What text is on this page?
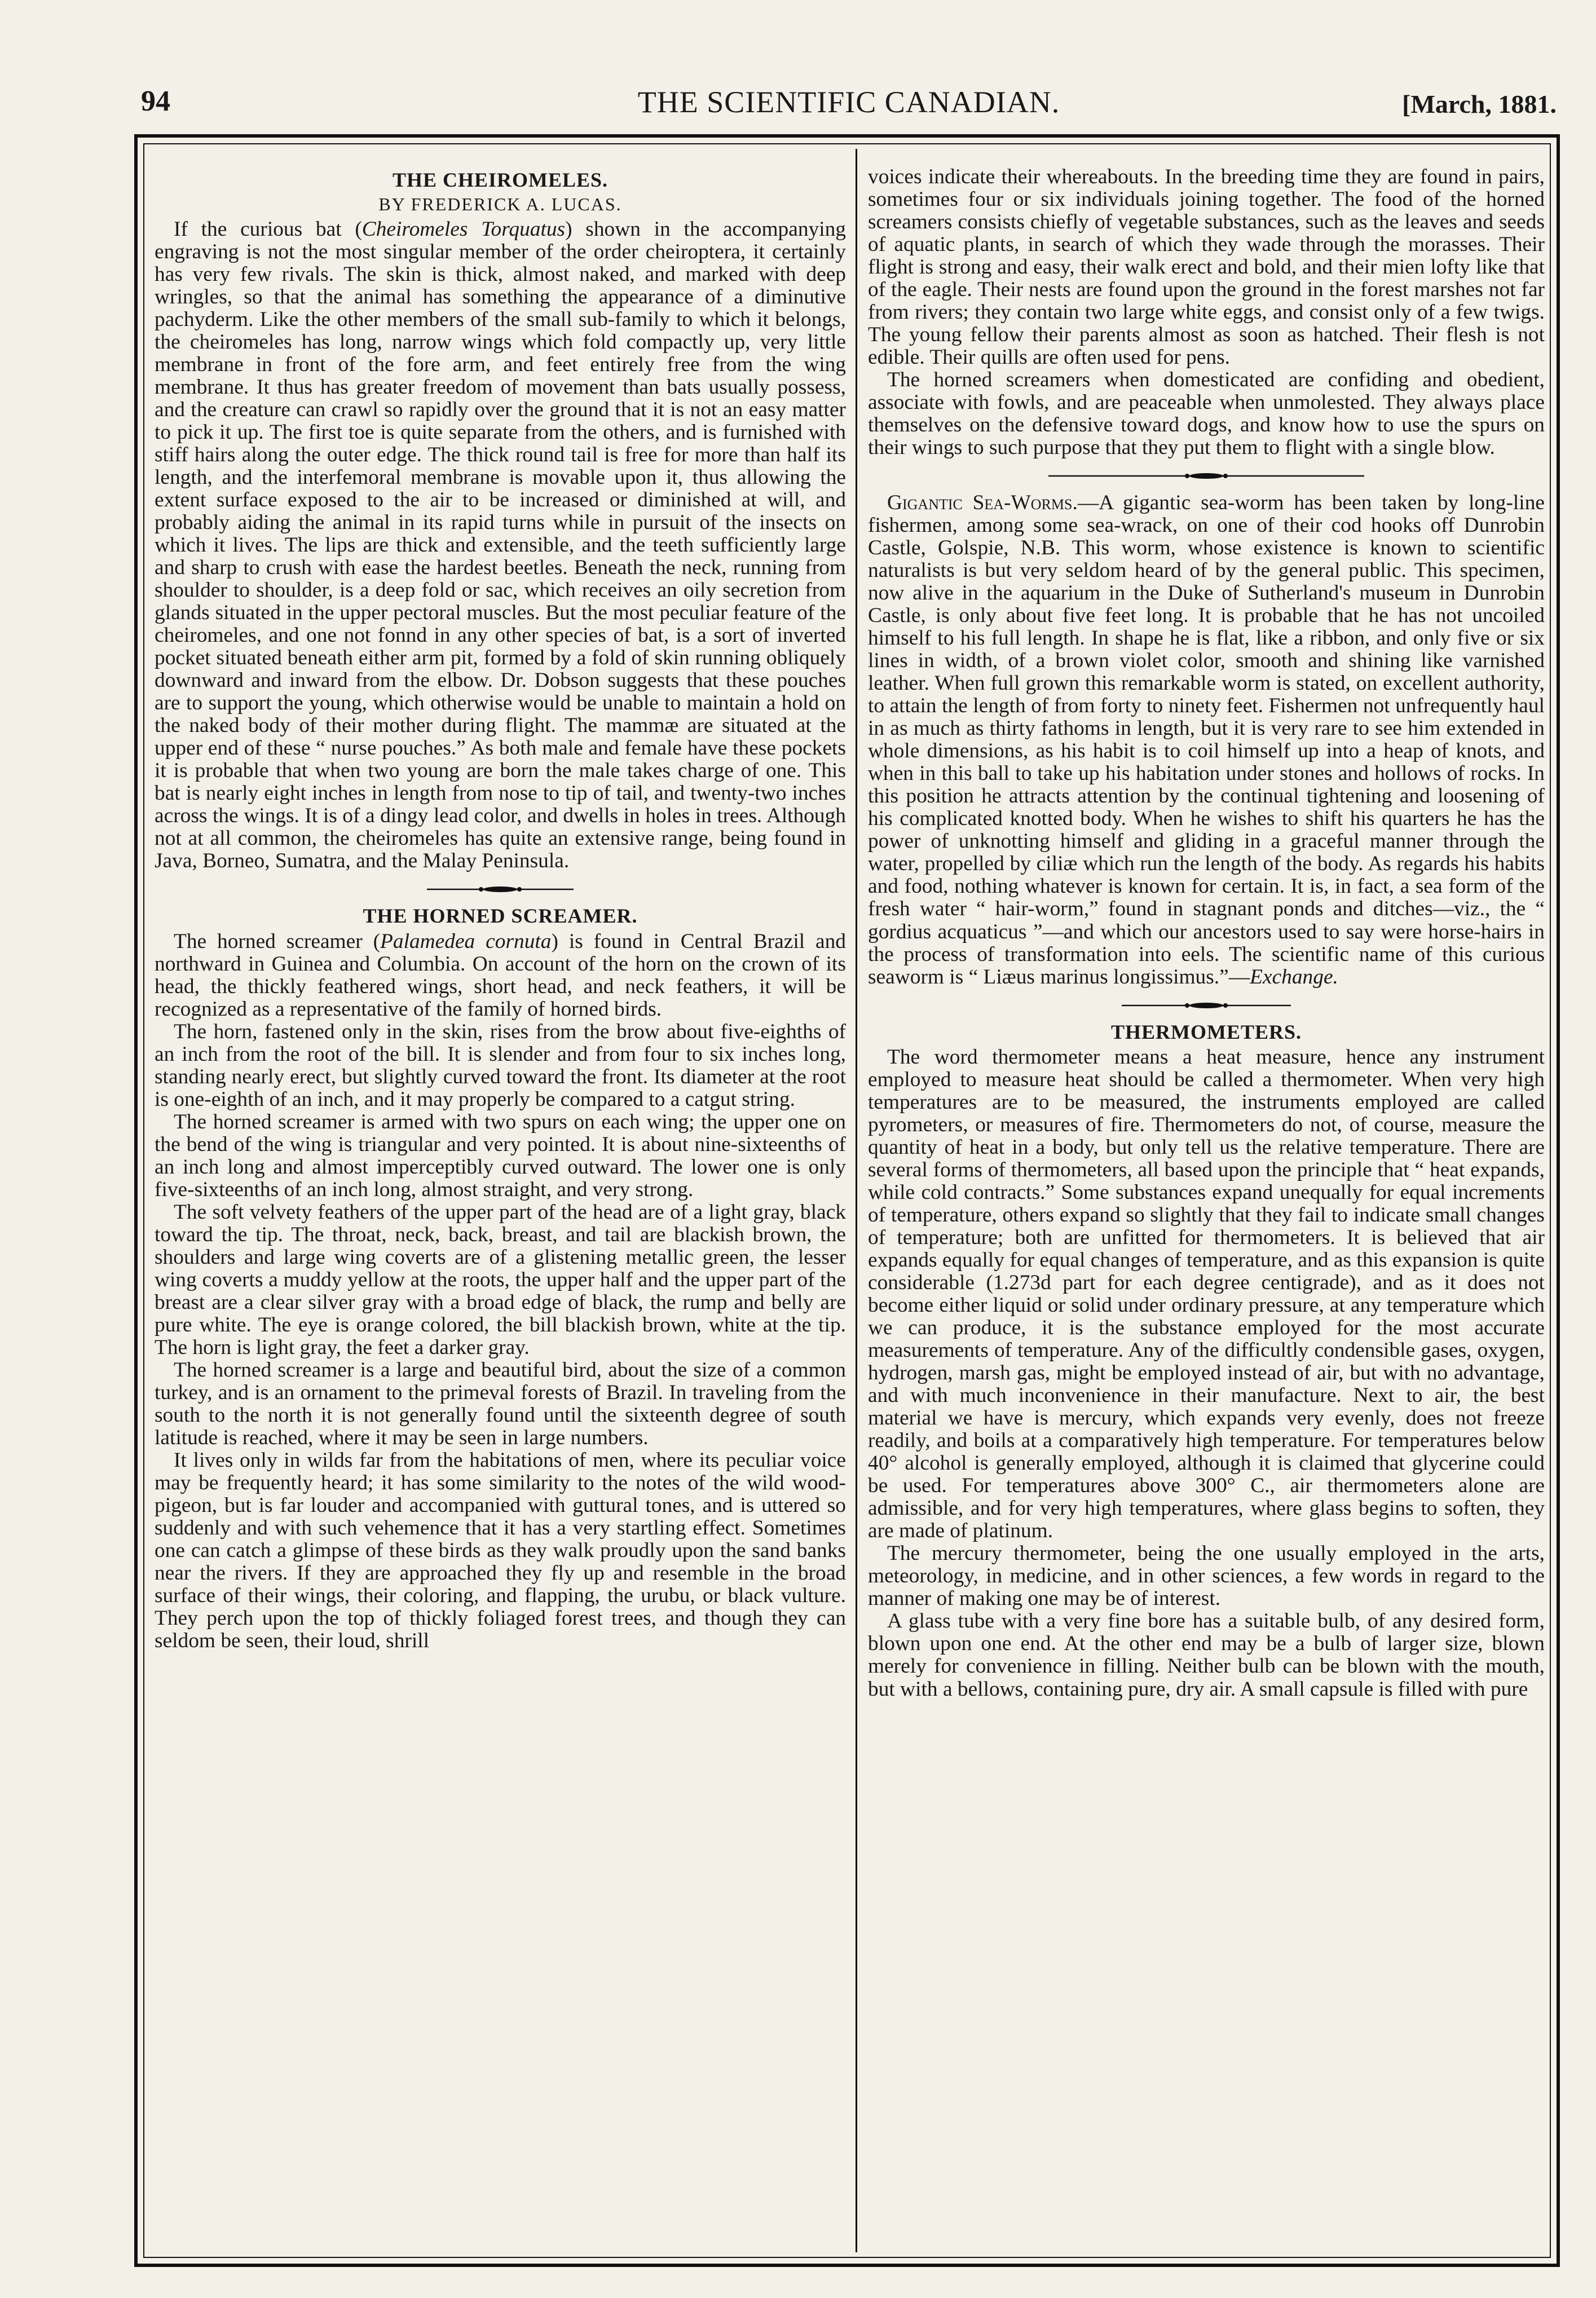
94	THE SCIENTIFIC CANADIAN.	[March, 1881.
THE CHEIROMELES.
BY FREDERICK A. LUCAS.

If the curious bat (Cheiromeles Torquatus) shown in the accompanying engraving is not the most singular member of the order cheiroptera, it certainly has very few rivals. The skin is thick, almost naked, and marked with deep wringles, so that the animal has something the appearance of a diminutive pachyderm. Like the other members of the small sub-family to which it belongs, the cheiromeles has long, narrow wings which fold compactly up, very little membrane in front of the fore arm, and feet entirely free from the wing membrane. It thus has greater freedom of movement than bats usually possess, and the creature can crawl so rapidly over the ground that it is not an easy matter to pick it up. The first toe is quite separate from the others, and is furnished with stiff hairs along the outer edge. The thick round tail is free for more than half its length, and the interfemoral membrane is movable upon it, thus allowing the extent surface exposed to the air to be increased or diminished at will, and probably aiding the animal in its rapid turns while in pursuit of the insects on which it lives. The lips are thick and extensible, and the teeth sufficiently large and sharp to crush with ease the hardest beetles. Beneath the neck, running from shoulder to shoulder, is a deep fold or sac, which receives an oily secretion from glands situated in the upper pectoral muscles. But the most peculiar feature of the cheiromeles, and one not fonnd in any other species of bat, is a sort of inverted pocket situated beneath either arm pit, formed by a fold of skin running obliquely downward and inward from the elbow. Dr. Dobson suggests that these pouches are to support the young, which otherwise would be unable to maintain a hold on the naked body of their mother during flight. The mammæ are situated at the upper end of these “ nurse pouches.” As both male and female have these pockets it is probable that when two young are born the male takes charge of one. This bat is nearly eight inches in length from nose to tip of tail, and twenty-two inches across the wings. It is of a dingy lead color, and dwells in holes in trees. Although not at all common, the cheiromeles has quite an extensive range, being found in Java, Borneo, Sumatra, and the Malay Peninsula.

THE HORNED SCREAMER.

The horned screamer (Palamedea cornuta) is found in Central Brazil and northward in Guinea and Columbia. On account of the horn on the crown of its head, the thickly feathered wings, short head, and neck feathers, it will be recognized as a representative of the family of horned birds.

The horn, fastened only in the skin, rises from the brow about five-eighths of an inch from the root of the bill. It is slender and from four to six inches long, standing nearly erect, but slightly curved toward the front. Its diameter at the root is one-eighth of an inch, and it may properly be compared to a catgut string.

The horned screamer is armed with two spurs on each wing; the upper one on the bend of the wing is triangular and very pointed. It is about nine-sixteenths of an inch long and almost imperceptibly curved outward. The lower one is only five-sixteenths of an inch long, almost straight, and very strong.

The soft velvety feathers of the upper part of the head are of a light gray, black toward the tip. The throat, neck, back, breast, and tail are blackish brown, the shoulders and large wing coverts are of a glistening metallic green, the lesser wing coverts a muddy yellow at the roots, the upper half and the upper part of the breast are a clear silver gray with a broad edge of black, the rump and belly are pure white. The eye is orange colored, the bill blackish brown, white at the tip. The horn is light gray, the feet a darker gray.

The horned screamer is a large and beautiful bird, about the size of a common turkey, and is an ornament to the primeval forests of Brazil. In traveling from the south to the north it is not generally found until the sixteenth degree of south latitude is reached, where it may be seen in large numbers.

It lives only in wilds far from the habitations of men, where its peculiar voice may be frequently heard; it has some similarity to the notes of the wild wood-pigeon, but is far louder and accompanied with guttural tones, and is uttered so suddenly and with such vehemence that it has a very startling effect. Sometimes one can catch a glimpse of these birds as they walk proudly upon the sand banks near the rivers. If they are approached they fly up and resemble in the broad surface of their wings, their coloring, and flapping, the urubu, or black vulture. They perch upon the top of thickly foliaged forest trees, and though they can seldom be seen, their loud, shrill

voices indicate their whereabouts. In the breeding time they are found in pairs, sometimes four or six individuals joining together. The food of the horned screamers consists chiefly of vegetable substances, such as the leaves and seeds of aquatic plants, in search of which they wade through the morasses. Their flight is strong and easy, their walk erect and bold, and their mien lofty like that of the eagle. Their nests are found upon the ground in the forest marshes not far from rivers; they contain two large white eggs, and consist only of a few twigs. The young fellow their parents almost as soon as hatched. Their flesh is not edible. Their quills are often used for pens.

The horned screamers when domesticated are confiding and obedient, associate with fowls, and are peaceable when unmolested. They always place themselves on the defensive toward dogs, and know how to use the spurs on their wings to such purpose that they put them to flight with a single blow.

Gigantic Sea-Worms.—A gigantic sea-worm has been taken by long-line fishermen, among some sea-wrack, on one of their cod hooks off Dunrobin Castle, Golspie, N.B. This worm, whose existence is known to scientific naturalists is but very seldom heard of by the general public. This specimen, now alive in the aquarium in the Duke of Sutherland's museum in Dunrobin Castle, is only about five feet long. It is probable that he has not uncoiled himself to his full length. In shape he is flat, like a ribbon, and only five or six lines in width, of a brown violet color, smooth and shining like varnished leather. When full grown this remarkable worm is stated, on excellent authority, to attain the length of from forty to ninety feet. Fishermen not unfrequently haul in as much as thirty fathoms in length, but it is very rare to see him extended in whole dimensions, as his habit is to coil himself up into a heap of knots, and when in this ball to take up his habitation under stones and hollows of rocks. In this position he attracts attention by the continual tightening and loosening of his complicated knotted body. When he wishes to shift his quarters he has the power of unknotting himself and gliding in a graceful manner through the water, propelled by ciliæ which run the length of the body. As regards his habits and food, nothing whatever is known for certain. It is, in fact, a sea form of the fresh water “ hair-worm,” found in stagnant ponds and ditches—viz., the “ gordius acquaticus ”—and which our ancestors used to say were horse-hairs in the process of transformation into eels. The scientific name of this curious seaworm is “ Liæus marinus longissimus.”—Exchange.

THERMOMETERS.

The word thermometer means a heat measure, hence any instrument employed to measure heat should be called a thermometer. When very high temperatures are to be measured, the instruments employed are called pyrometers, or measures of fire. Thermometers do not, of course, measure the quantity of heat in a body, but only tell us the relative temperature. There are several forms of thermometers, all based upon the principle that “ heat expands, while cold contracts.” Some substances expand unequally for equal increments of temperature, others expand so slightly that they fail to indicate small changes of temperature; both are unfitted for thermometers. It is believed that air expands equally for equal changes of temperature, and as this expansion is quite considerable (1.273d part for each degree centigrade), and as it does not become either liquid or solid under ordinary pressure, at any temperature which we can produce, it is the substance employed for the most accurate measurements of temperature. Any of the difficultly condensible gases, oxygen, hydrogen, marsh gas, might be employed instead of air, but with no advantage, and with much inconvenience in their manufacture. Next to air, the best material we have is mercury, which expands very evenly, does not freeze readily, and boils at a comparatively high temperature. For temperatures below 40° alcohol is generally employed, although it is claimed that glycerine could be used. For temperatures above 300° C., air thermometers alone are admissible, and for very high temperatures, where glass begins to soften, they are made of platinum.

The mercury thermometer, being the one usually employed in the arts, meteorology, in medicine, and in other sciences, a few words in regard to the manner of making one may be of interest.

A glass tube with a very fine bore has a suitable bulb, of any desired form, blown upon one end. At the other end may be a bulb of larger size, blown merely for convenience in filling. Neither bulb can be blown with the mouth, but with a bellows, containing pure, dry air. A small capsule is filled with pure
